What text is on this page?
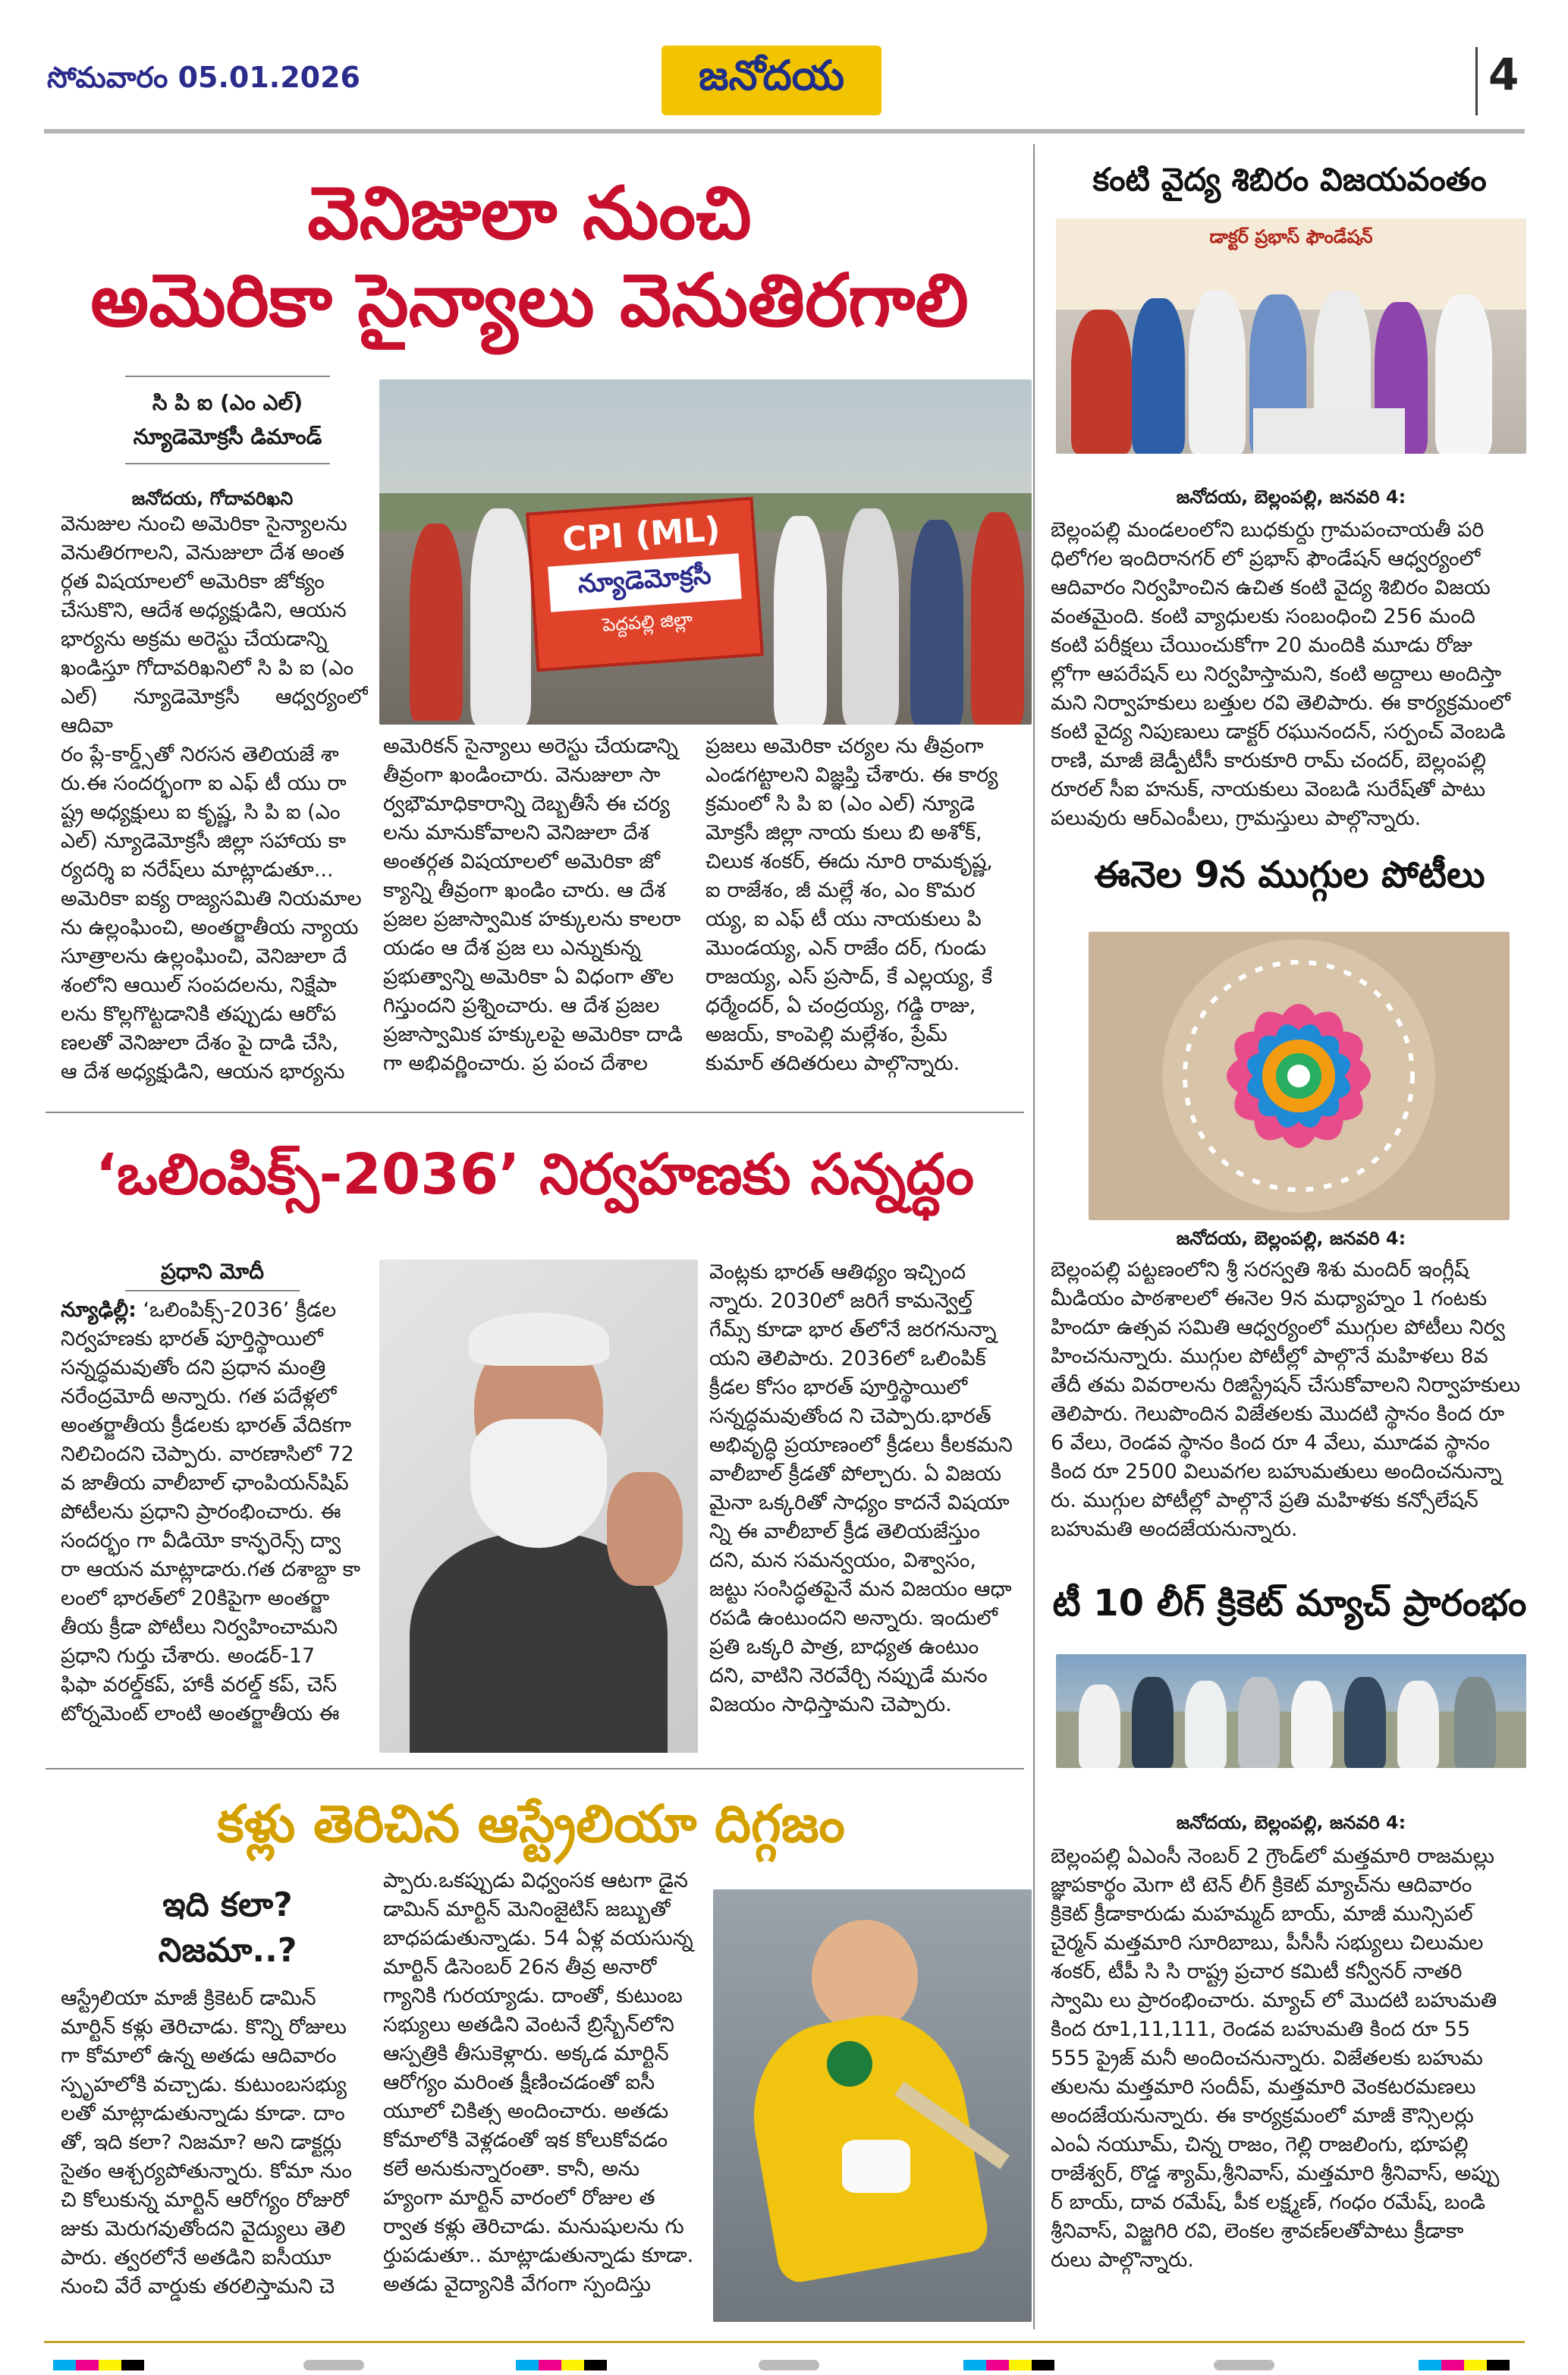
సోమవారం 05.01.2026	జనోదయ	4
వెనిజులా నుంచి
అమెరికా సైన్యాలు వెనుతిరగాలి
సి పి ఐ (ఎం ఎల్)
న్యూడెమోక్రసీ డిమాండ్
జనోదయ, గోదావరిఖని
వెనుజుల నుంచి అమెరికా సైన్యాలను
వెనుతిరగాలని, వెనుజులా దేశ అంత
ర్గత విషయాలలో అమెరికా జోక్యం
చేసుకొని, ఆదేశ అధ్యక్షుడిని, ఆయన
భార్యను అక్రమ అరెస్టు చేయడాన్ని
ఖండిస్తూ గోదావరిఖనిలో సి పి ఐ (ఎం
ఎల్) న్యూడెమోక్రసీ ఆధ్వర్యంలో ఆదివా
రం ప్లే-కార్డ్స్‌తో నిరసన తెలియజే శా
రు.ఈ సందర్భంగా ఐ ఎఫ్ టీ యు రా
ష్ట్ర అధ్యక్షులు ఐ కృష్ణ, సి పి ఐ (ఎం
ఎల్) న్యూడెమోక్రసీ జిల్లా సహాయ కా
ర్యదర్శి ఐ నరేష్‌లు మాట్లాడుతూ...
అమెరికా ఐక్య రాజ్యసమితి నియమాల
ను ఉల్లంఘించి, అంతర్జాతీయ న్యాయ
సూత్రాలను ఉల్లంఘించి, వెనిజులా దే
శంలోని ఆయిల్ సంపదలను, నిక్షేపా
లను కొల్లగొట్టడానికి తప్పుడు ఆరోప
ణలతో వెనిజులా దేశం పై దాడి చేసి,
ఆ దేశ అధ్యక్షుడిని, ఆయన భార్యను
CPI (ML)
న్యూడెమోక్రసీ
పెద్దపల్లి జిల్లా
అమెరికన్ సైన్యాలు అరెస్టు చేయడాన్ని
తీవ్రంగా ఖండించారు. వెనుజులా సా
ర్వభౌమాధికారాన్ని దెబ్బతీసే ఈ చర్య
లను మానుకోవాలని వెనిజులా దేశ
అంతర్గత విషయాలలో అమెరికా జో
క్యాన్ని తీవ్రంగా ఖండిం చారు. ఆ దేశ
ప్రజల ప్రజాస్వామిక హక్కులను కాలరా
యడం ఆ దేశ ప్రజ లు ఎన్నుకున్న
ప్రభుత్వాన్ని అమెరికా ఏ విధంగా తొల
గిస్తుందని ప్రశ్నించారు. ఆ దేశ ప్రజల
ప్రజాస్వామిక హక్కులపై అమెరికా దాడి
గా అభివర్ణించారు. ప్ర పంచ దేశాల
ప్రజలు అమెరికా చర్యల ను తీవ్రంగా
ఎండగట్టాలని విజ్ఞప్తి చేశారు. ఈ కార్య
క్రమంలో సి పి ఐ (ఎం ఎల్) న్యూడె
మోక్రసీ జిల్లా నాయ కులు బి అశోక్,
చిలుక శంకర్, ఈదు నూరి రామకృష్ణ,
ఐ రాజేశం, జీ మల్లే శం, ఎం కొమర
య్య, ఐ ఎఫ్ టీ యు నాయకులు పి
మొండయ్య, ఎన్ రాజేం దర్, గుండు
రాజయ్య, ఎస్ ప్రసాద్, కే ఎల్లయ్య, కే
ధర్మేందర్, ఏ చంద్రయ్య, గడ్డి రాజు,
అజయ్, కాంపెల్లి మల్లేశం, ప్రేమ్
కుమార్ తదితరులు పాల్గొన్నారు.
‘ఒలింపిక్స్-2036’ నిర్వహణకు సన్నద్ధం
ప్రధాని మోదీ
న్యూఢిల్లీ: ‘ఒలింపిక్స్-2036’ క్రీడల
నిర్వహణకు భారత్ పూర్తిస్థాయిలో
సన్నద్ధమవుతోం దని ప్రధాన మంత్రి
నరేంద్రమోదీ అన్నారు. గత పదేళ్లలో
అంతర్జాతీయ క్రీడలకు భారత్ వేదికగా
నిలిచిందని చెప్పారు. వారణాసిలో 72
వ జాతీయ వాలీబాల్ ఛాంపియన్‌షిప్
పోటీలను ప్రధాని ప్రారంభించారు. ఈ
సందర్భం గా వీడియో కాన్ఫరెన్స్ ద్వా
రా ఆయన మాట్లాడారు.గత దశాబ్దా కా
లంలో భారత్‌లో 20కిపైగా అంతర్జా
తీయ క్రీడా పోటీలు నిర్వహించామని
ప్రధాని గుర్తు చేశారు. అండర్-17
ఫిఫా వరల్డ్‌కప్, హాకీ వరల్డ్ కప్, చెస్
టోర్నమెంట్ లాంటి అంతర్జాతీయ ఈ
వెంట్లకు భారత్ ఆతిథ్యం ఇచ్చింద
న్నారు. 2030లో జరిగే కామన్వెల్త్
గేమ్స్ కూడా భార త్‌లోనే జరగనున్నా
యని తెలిపారు. 2036లో ఒలింపిక్
క్రీడల కోసం భారత్ పూర్తిస్థాయిలో
సన్నద్ధమవుతోంద ని చెప్పారు.భారత్
అభివృద్ధి ప్రయాణంలో క్రీడలు కీలకమని
వాలీబాల్ క్రీడతో పోల్చారు. ఏ విజయ
మైనా ఒక్కరితో సాధ్యం కాదనే విషయా
న్ని ఈ వాలీబాల్ క్రీడ తెలియజేస్తుం
దని, మన సమన్వయం, విశ్వాసం,
జట్టు సంసిద్ధతపైనే మన విజయం ఆధా
రపడి ఉంటుందని అన్నారు. ఇందులో
ప్రతి ఒక్కరి పాత్ర, బాధ్యత ఉంటుం
దని, వాటిని నెరవేర్చి నప్పుడే మనం
విజయం సాధిస్తామని చెప్పారు.
కళ్లు తెరిచిన ఆస్ట్రేలియా దిగ్గజం
ఇది కలా?
నిజమా..?
ఆస్ట్రేలియా మాజీ క్రికెటర్ డామిన్
మార్టిన్ కళ్లు తెరిచాడు. కొన్ని రోజులు
గా కోమాలో ఉన్న అతడు ఆదివారం
స్పృహలోకి వచ్చాడు. కుటుంబసభ్యు
లతో మాట్లాడుతున్నాడు కూడా. దాం
తో, ఇది కలా? నిజమా? అని డాక్టర్లు
సైతం ఆశ్చర్యపోతున్నారు. కోమా నుం
చి కోలుకున్న మార్టిన్ ఆరోగ్యం రోజురో
జుకు మెరుగవుతోందని వైద్యులు తెలి
పారు. త్వరలోనే అతడిని ఐసీయూ
నుంచి వేరే వార్డుకు తరలిస్తామని చె
ప్పారు.ఒకప్పుడు విధ్వంసక ఆటగా డైన
డామిన్ మార్టిన్ మెనింజైటిస్ జబ్బుతో
బాధపడుతున్నాడు. 54 ఏళ్ల వయసున్న
మార్టిన్ డిసెంబర్ 26న తీవ్ర అనారో
గ్యానికి గురయ్యాడు. దాంతో, కుటుంబ
సభ్యులు అతడిని వెంటనే బ్రిస్బేన్‌లోని
ఆస్పత్రికి తీసుకెళ్లారు. అక్కడ మార్టిన్
ఆరోగ్యం మరింత క్షీణించడంతో ఐసీ
యూలో చికిత్స అందించారు. అతడు
కోమాలోకి వెళ్లడంతో ఇక కోలుకోవడం
కలే అనుకున్నారంతా. కానీ, అను
హ్యంగా మార్టిన్ వారంలో రోజుల త
ర్వాత కళ్లు తెరిచాడు. మనుషులను గు
ర్తుపడుతూ.. మాట్లాడుతున్నాడు కూడా.
అతడు వైద్యానికి వేగంగా స్పందిస్తు
కంటి వైద్య శిబిరం విజయవంతం
డాక్టర్ ప్రభాస్ ఫౌండేషన్
జనోదయ, బెల్లంపల్లి, జనవరి 4:
బెల్లంపల్లి మండలంలోని బుధకుర్దు గ్రామపంచాయతీ పరి
ధిలోగల ఇందిరానగర్ లో ప్రభాస్ ఫౌండేషన్ ఆధ్వర్యంలో
ఆదివారం నిర్వహించిన ఉచిత కంటి వైద్య శిబిరం విజయ
వంతమైంది. కంటి వ్యాధులకు సంబంధించి 256 మంది
కంటి పరీక్షలు చేయించుకోగా 20 మందికి మూడు రోజు
ల్లోగా ఆపరేషన్ లు నిర్వహిస్తామని, కంటి అద్దాలు అందిస్తా
మని నిర్వాహకులు బత్తుల రవి తెలిపారు. ఈ కార్యక్రమంలో
కంటి వైద్య నిపుణులు డాక్టర్ రఘునందన్, సర్పంచ్ వెంబడి
రాణి, మాజీ జెడ్పీటీసీ కారుకూరి రామ్ చందర్, బెల్లంపల్లి
రూరల్ సీఐ హనుక్, నాయకులు వెంబడి సురేష్‌తో పాటు
పలువురు ఆర్ఎంపీలు, గ్రామస్తులు పాల్గొన్నారు.
ఈనెల 9న ముగ్గుల పోటీలు
జనోదయ, బెల్లంపల్లి, జనవరి 4:
బెల్లంపల్లి పట్టణంలోని శ్రీ సరస్వతి శిశు మందిర్ ఇంగ్లీష్
మీడియం పాఠశాలలో ఈనెల 9న మధ్యాహ్నం 1 గంటకు
హిందూ ఉత్సవ సమితి ఆధ్వర్యంలో ముగ్గుల పోటీలు నిర్వ
హించనున్నారు. ముగ్గుల పోటీల్లో పాల్గొనే మహిళలు 8వ
తేదీ తమ వివరాలను రిజిస్ట్రేషన్ చేసుకోవాలని నిర్వాహకులు
తెలిపారు. గెలుపొందిన విజేతలకు మొదటి స్థానం కింద రూ
6 వేలు, రెండవ స్థానం కింద రూ 4 వేలు, మూడవ స్థానం
కింద రూ 2500 విలువగల బహుమతులు అందించనున్నా
రు. ముగ్గుల పోటీల్లో పాల్గొనే ప్రతి మహిళకు కన్సోలేషన్
బహుమతి అందజేయనున్నారు.
టీ 10 లీగ్ క్రికెట్ మ్యాచ్ ప్రారంభం
జనోదయ, బెల్లంపల్లి, జనవరి 4:
బెల్లంపల్లి ఏఎంసీ నెంబర్ 2 గ్రౌండ్‌లో మత్తమారి రాజమల్లు
జ్ఞాపకార్థం మెగా టి టెన్ లీగ్ క్రికెట్ మ్యాచ్‌ను ఆదివారం
క్రికెట్ క్రీడాకారుడు మహమ్మద్ బాయ్, మాజీ మున్సిపల్
చైర్మన్ మత్తమారి సూరిబాబు, పీసీసీ సభ్యులు చిలుమల
శంకర్, టీపీ సి సి రాష్ట్ర ప్రచార కమిటీ కన్వీనర్ నాతరి
స్వామి లు ప్రారంభించారు. మ్యాచ్ లో మొదటి బహుమతి
కింద రూ1,11,111, రెండవ బహుమతి కింద రూ 55
555 ప్రైజ్ మనీ అందించనున్నారు. విజేతలకు బహుమ
తులను మత్తమారి సందీప్, మత్తమారి వెంకటరమణలు
అందజేయనున్నారు. ఈ కార్యక్రమంలో మాజీ కౌన్సిలర్లు
ఎంఏ నయూమ్, చిన్న రాజం, గెల్లి రాజలింగు, భూపల్లి
రాజేశ్వర్, రొడ్డ శ్యామ్,శ్రీనివాస్, మత్తమారి శ్రీనివాస్, అప్పు
ర్ బాయ్, దావ రమేష్, పీక లక్ష్మణ్, గంధం రమేష్, బండి
శ్రీనివాస్, విజ్జగిరి రవి, లెంకల శ్రావణ్‌లతోపాటు క్రీడాకా
రులు పాల్గొన్నారు.
